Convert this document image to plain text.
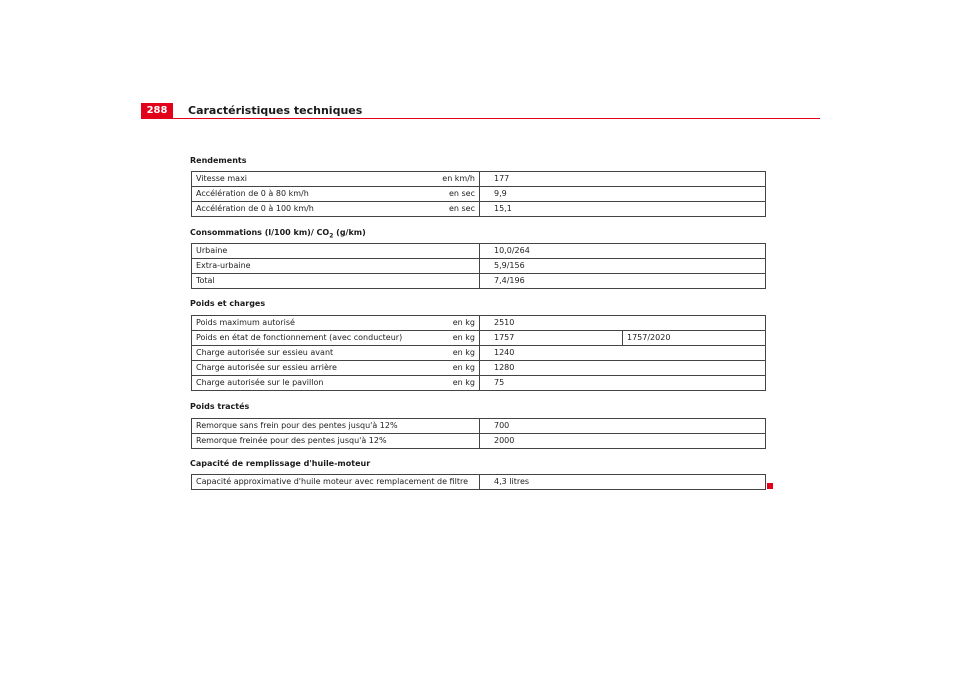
288	Caractéristiques techniques
Rendements
Vitesse maxi	en km/h	177
Accélération de 0 à 80 km/h	en sec	9,9
Accélération de 0 à 100 km/h	en sec	15,1
Consommations (l/100 km)/ $CO_2$ (g/km)
Urbaine	10,0/264
Extra-urbaine	5,9/156
Total	7,4/196
Poids et charges
Poids maximum autorisé	en kg	2510	
Poids en état de fonctionnement (avec conducteur)	en kg	1757	1757/2020
Charge autorisée sur essieu avant	en kg	1240	
Charge autorisée sur essieu arrière	en kg	1280	
Charge autorisée sur le pavillon	en kg	75	
Poids tractés
Remorque sans frein pour des pentes jusqu'à 12%	700
Remorque freinée pour des pentes jusqu'à 12%	2000
Capacité de remplissage d'huile-moteur
Capacité approximative d'huile moteur avec remplacement de filtre	4,3 litres
